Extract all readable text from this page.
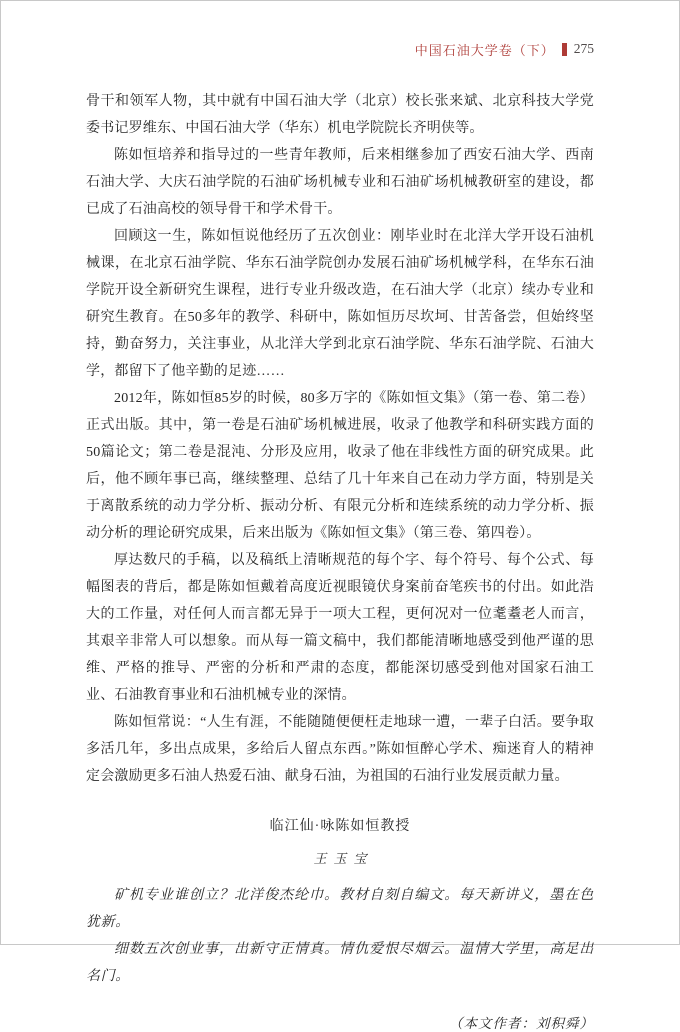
中国石油大学卷（下） 275

骨干和领军人物，其中就有中国石油大学（北京）校长张来斌、北京科技大学党委书记罗维东、中国石油大学（华东）机电学院院长齐明侠等。

陈如恒培养和指导过的一些青年教师，后来相继参加了西安石油大学、西南石油大学、大庆石油学院的石油矿场机械专业和石油矿场机械教研室的建设，都已成了石油高校的领导骨干和学术骨干。

回顾这一生，陈如恒说他经历了五次创业：刚毕业时在北洋大学开设石油机械课，在北京石油学院、华东石油学院创办发展石油矿场机械学科，在华东石油学院开设全新研究生课程，进行专业升级改造，在石油大学（北京）续办专业和研究生教育。在50多年的教学、科研中，陈如恒历尽坎坷、甘苦备尝，但始终坚持，勤奋努力，关注事业，从北洋大学到北京石油学院、华东石油学院、石油大学，都留下了他辛勤的足迹……

2012年，陈如恒85岁的时候，80多万字的《陈如恒文集》（第一卷、第二卷）正式出版。其中，第一卷是石油矿场机械进展，收录了他教学和科研实践方面的50篇论文；第二卷是混沌、分形及应用，收录了他在非线性方面的研究成果。此后，他不顾年事已高，继续整理、总结了几十年来自己在动力学方面，特别是关于离散系统的动力学分析、振动分析、有限元分析和连续系统的动力学分析、振动分析的理论研究成果，后来出版为《陈如恒文集》（第三卷、第四卷）。

厚达数尺的手稿，以及稿纸上清晰规范的每个字、每个符号、每个公式、每幅图表的背后，都是陈如恒戴着高度近视眼镜伏身案前奋笔疾书的付出。如此浩大的工作量，对任何人而言都无异于一项大工程，更何况对一位耄耋老人而言，其艰辛非常人可以想象。而从每一篇文稿中，我们都能清晰地感受到他严谨的思维、严格的推导、严密的分析和严肃的态度，都能深切感受到他对国家石油工业、石油教育事业和石油机械专业的深情。

陈如恒常说：“人生有涯，不能随随便便枉走地球一遭，一辈子白活。要争取多活几年，多出点成果，多给后人留点东西。”陈如恒醉心学术、痴迷育人的精神定会激励更多石油人热爱石油、献身石油，为祖国的石油行业发展贡献力量。

临江仙·咏陈如恒教授
王玉宝

矿机专业谁创立？北洋俊杰纶巾。教材自刻自编文。每天新讲义，墨在色犹新。

细数五次创业事，出新守正情真。情仇爱恨尽烟云。温情大学里，高足出名门。

（本文作者：刘积舜）
